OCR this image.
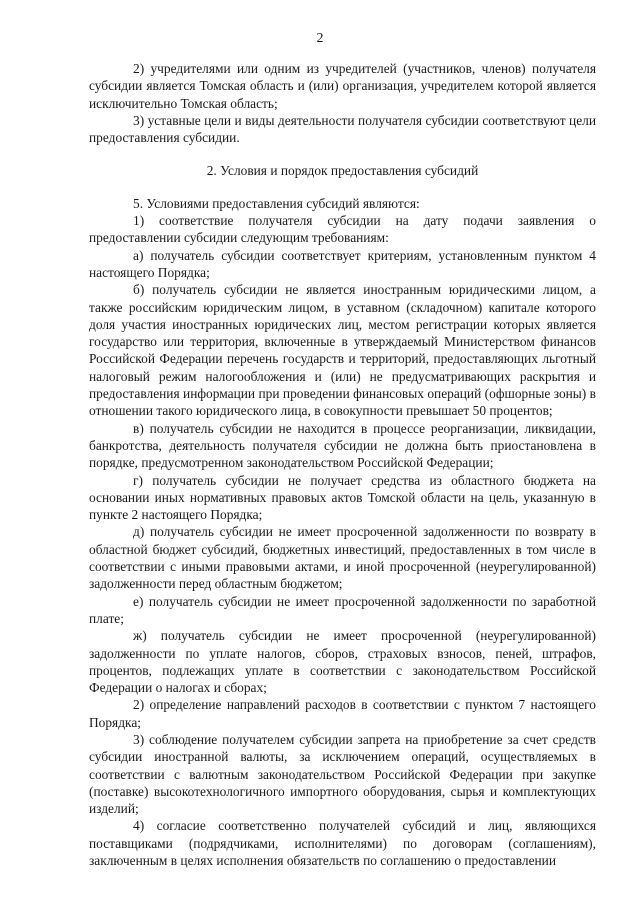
2

2) учредителями или одним из учредителей (участников, членов) получателя субсидии является Томская область и (или) организация, учредителем которой является исключительно Томская область;

3) уставные цели и виды деятельности получателя субсидии соответствуют цели предоставления субсидии.

2. Условия и порядок предоставления субсидий

5. Условиями предоставления субсидий являются:

1) соответствие получателя субсидии на дату подачи заявления о предоставлении субсидии следующим требованиям:

а) получатель субсидии соответствует критериям, установленным пунктом 4 настоящего Порядка;

б) получатель субсидии не является иностранным юридическими лицом, а также российским юридическим лицом, в уставном (складочном) капитале которого доля участия иностранных юридических лиц, местом регистрации которых является государство или территория, включенные в утверждаемый Министерством финансов Российской Федерации перечень государств и территорий, предоставляющих льготный налоговый режим налогообложения и (или) не предусматривающих раскрытия и предоставления информации при проведении финансовых операций (офшорные зоны) в отношении такого юридического лица, в совокупности превышает 50 процентов;

в) получатель субсидии не находится в процессе реорганизации, ликвидации, банкротства, деятельность получателя субсидии не должна быть приостановлена в порядке, предусмотренном законодательством Российской Федерации;

г) получатель субсидии не получает средства из областного бюджета на основании иных нормативных правовых актов Томской области на цель, указанную в пункте 2 настоящего Порядка;

д) получатель субсидии не имеет просроченной задолженности по возврату в областной бюджет субсидий, бюджетных инвестиций, предоставленных в том числе в соответствии с иными правовыми актами, и иной просроченной (неурегулированной) задолженности перед областным бюджетом;

е) получатель субсидии не имеет просроченной задолженности по заработной плате;

ж) получатель субсидии не имеет просроченной (неурегулированной) задолженности по уплате налогов, сборов, страховых взносов, пеней, штрафов, процентов, подлежащих уплате в соответствии с законодательством Российской Федерации о налогах и сборах;

2) определение направлений расходов в соответствии с пунктом 7 настоящего Порядка;

3) соблюдение получателем субсидии запрета на приобретение за счет средств субсидии иностранной валюты, за исключением операций, осуществляемых в соответствии с валютным законодательством Российской Федерации при закупке (поставке) высокотехнологичного импортного оборудования, сырья и комплектующих изделий;

4) согласие соответственно получателей субсидий и лиц, являющихся поставщиками (подрядчиками, исполнителями) по договорам (соглашениям), заключенным в целях исполнения обязательств по соглашению о предоставлении
